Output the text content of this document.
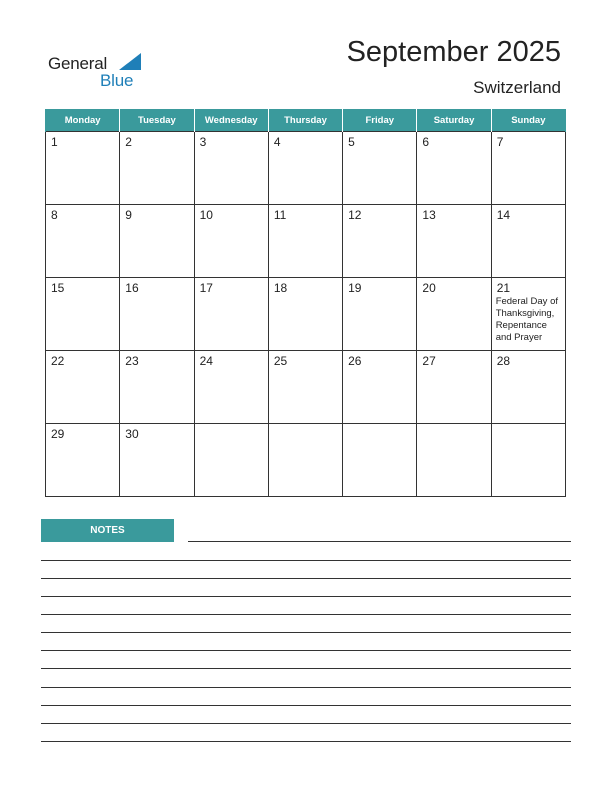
General
Blue
September 2025
Switzerland
Monday	Tuesday	Wednesday	Thursday	Friday	Saturday	Sunday

1	2	3	4	5	6	7

8	9	10	11	12	13	14

15	16	17	18	19	20	21
Federal Day of Thanksgiving, Repentance and Prayer

22	23	24	25	26	27	28

29	30					

NOTES
